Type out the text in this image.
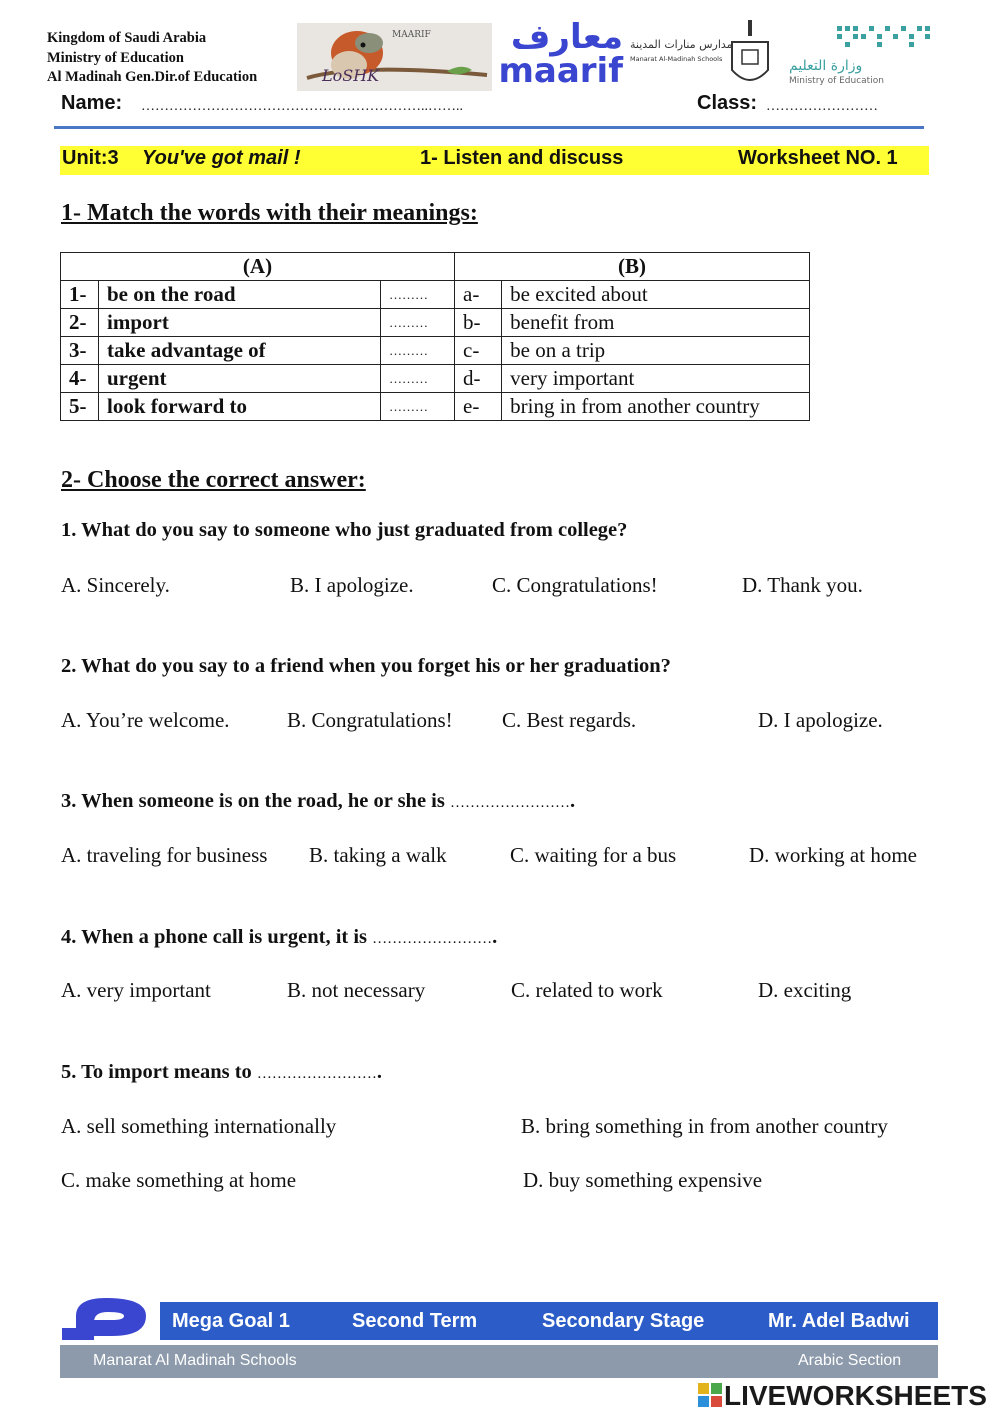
Kingdom of Saudi Arabia
Ministry of Education
Al Madinah Gen.Dir.of Education	LoSHK
MAARIF معارف
maarif
مدارس منارات المدينة
Manarat Al-Madinah Schools	وزارة التعليم
Ministry of Education
Name: ……………………………………………………..……..	Class: ……………………
Unit:3 You've got mail !	1- Listen and discuss	Worksheet NO. 1
1- Match the words with their meanings:
(A)			(B)	
1-	be on the road	………	a-	be excited about
2-	import	………	b-	benefit from
3-	take advantage of	………	c-	be on a trip
4-	urgent	………	d-	very important
5-	look forward to	………	e-	bring in from another country
2- Choose the correct answer:
1. What do you say to someone who just graduated from college?
A. Sincerely.	B. I apologize.	C. Congratulations!	D. Thank you.
2. What do you say to a friend when you forget his or her graduation?
A. You’re welcome.	B. Congratulations! C. Best regards.	D. I apologize.
3. When someone is on the road, he or she is …………………….
A. traveling for business B. taking a walk	C. waiting for a bus	D. working at home
4. When a phone call is urgent, it is …………………….
A. very important	B. not necessary	C. related to work	D. exciting
5. To import means to …………………….
A. sell something internationally	B. bring something in from another country
C. make something at home	D. buy something expensive
Mega Goal 1	Second Term	Secondary Stage	Mr. Adel Badwi
Manarat Al Madinah Schools	Arabic Section
LIVEWORKSHEETS
